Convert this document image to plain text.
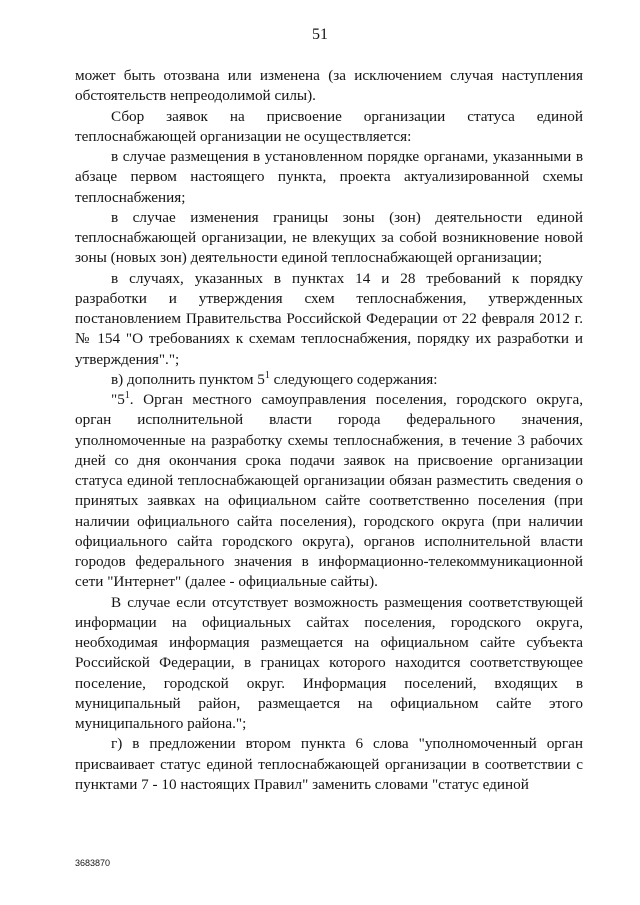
51

может быть отозвана или изменена (за исключением случая наступления обстоятельств непреодолимой силы).

Сбор заявок на присвоение организации статуса единой теплоснабжающей организации не осуществляется:

в случае размещения в установленном порядке органами, указанными в абзаце первом настоящего пункта, проекта актуализированной схемы теплоснабжения;

в случае изменения границы зоны (зон) деятельности единой теплоснабжающей организации, не влекущих за собой возникновение новой зоны (новых зон) деятельности единой теплоснабжающей организации;

в случаях, указанных в пунктах 14 и 28 требований к порядку разработки и утверждения схем теплоснабжения, утвержденных постановлением Правительства Российской Федерации от 22 февраля 2012 г. № 154 "О требованиях к схемам теплоснабжения, порядку их разработки и утверждения".";

в) дополнить пунктом $5^1$ следующего содержания:

"$5^1$. Орган местного самоуправления поселения, городского округа, орган исполнительной власти города федерального значения, уполномоченные на разработку схемы теплоснабжения, в течение 3 рабочих дней со дня окончания срока подачи заявок на присвоение организации статуса единой теплоснабжающей организации обязан разместить сведения о принятых заявках на официальном сайте соответственно поселения (при наличии официального сайта поселения), городского округа (при наличии официального сайта городского округа), органов исполнительной власти городов федерального значения в информационно-телекоммуникационной сети "Интернет" (далее - официальные сайты).

В случае если отсутствует возможность размещения соответствующей информации на официальных сайтах поселения, городского округа, необходимая информация размещается на официальном сайте субъекта Российской Федерации, в границах которого находится соответствующее поселение, городской округ. Информация поселений, входящих в муниципальный район, размещается на официальном сайте этого муниципального района.";

г) в предложении втором пункта 6 слова "уполномоченный орган присваивает статус единой теплоснабжающей организации в соответствии с пунктами 7 - 10 настоящих Правил" заменить словами "статус единой

3683870
